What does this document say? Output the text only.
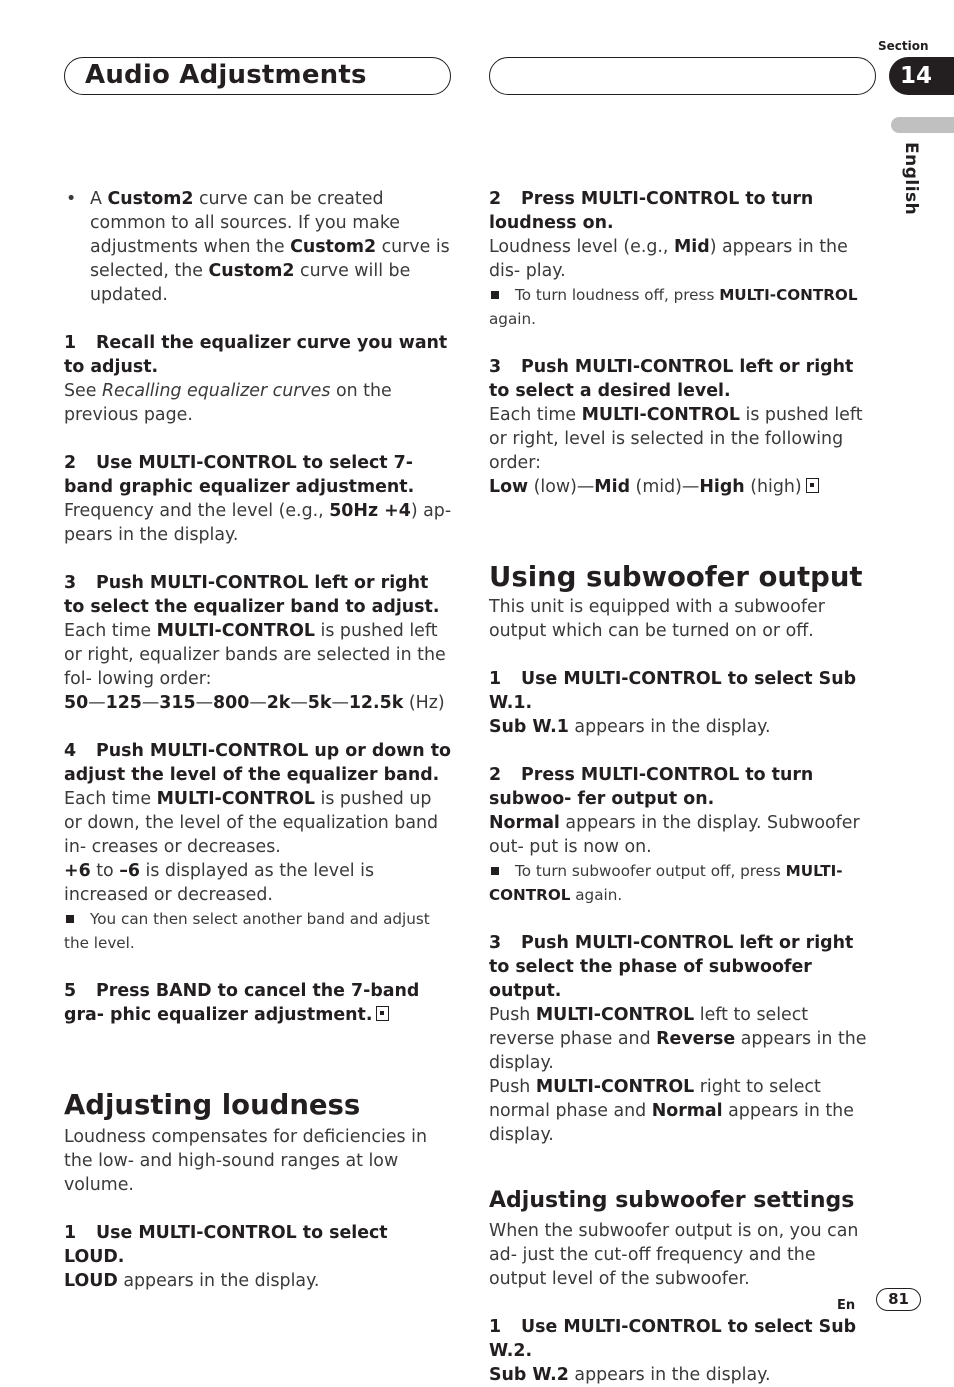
Audio Adjustments
Section
14
English

• A Custom2 curve can be created common to all sources. If you make adjustments when the Custom2 curve is selected, the Custom2 curve will be updated.

1 Recall the equalizer curve you want to adjust.

See Recalling equalizer curves on the previous page.

2 Use MULTI-CONTROL to select 7-band graphic equalizer adjustment.

Frequency and the level (e.g., 50Hz +4) ap- pears in the display.

3 Push MULTI-CONTROL left or right to select the equalizer band to adjust.

Each time MULTI-CONTROL is pushed left or right, equalizer bands are selected in the fol- lowing order:

50—125—315—800—2k—5k—12.5k (Hz)

4 Push MULTI-CONTROL up or down to adjust the level of the equalizer band.

Each time MULTI-CONTROL is pushed up or down, the level of the equalization band in- creases or decreases.

+6 to –6 is displayed as the level is increased or decreased.

You can then select another band and adjust the level.

5 Press BAND to cancel the 7-band gra- phic equalizer adjustment.

Adjusting loudness

Loudness compensates for deficiencies in the low- and high-sound ranges at low volume.

1 Use MULTI-CONTROL to select LOUD.

LOUD appears in the display.

2 Press MULTI-CONTROL to turn loudness on.

Loudness level (e.g., Mid) appears in the dis- play.

To turn loudness off, press MULTI-CONTROL again.

3 Push MULTI-CONTROL left or right to select a desired level.

Each time MULTI-CONTROL is pushed left or right, level is selected in the following order:

Low (low)—Mid (mid)—High (high)

Using subwoofer output

This unit is equipped with a subwoofer output which can be turned on or off.

1 Use MULTI-CONTROL to select Sub W.1.

Sub W.1 appears in the display.

2 Press MULTI-CONTROL to turn subwoo- fer output on.

Normal appears in the display. Subwoofer out- put is now on.

To turn subwoofer output off, press MULTI-CONTROL again.

3 Push MULTI-CONTROL left or right to select the phase of subwoofer output.

Push MULTI-CONTROL left to select reverse phase and Reverse appears in the display.

Push MULTI-CONTROL right to select normal phase and Normal appears in the display.

Adjusting subwoofer settings

When the subwoofer output is on, you can ad- just the cut-off frequency and the output level of the subwoofer.

1 Use MULTI-CONTROL to select Sub W.2.

Sub W.2 appears in the display.

En	81
